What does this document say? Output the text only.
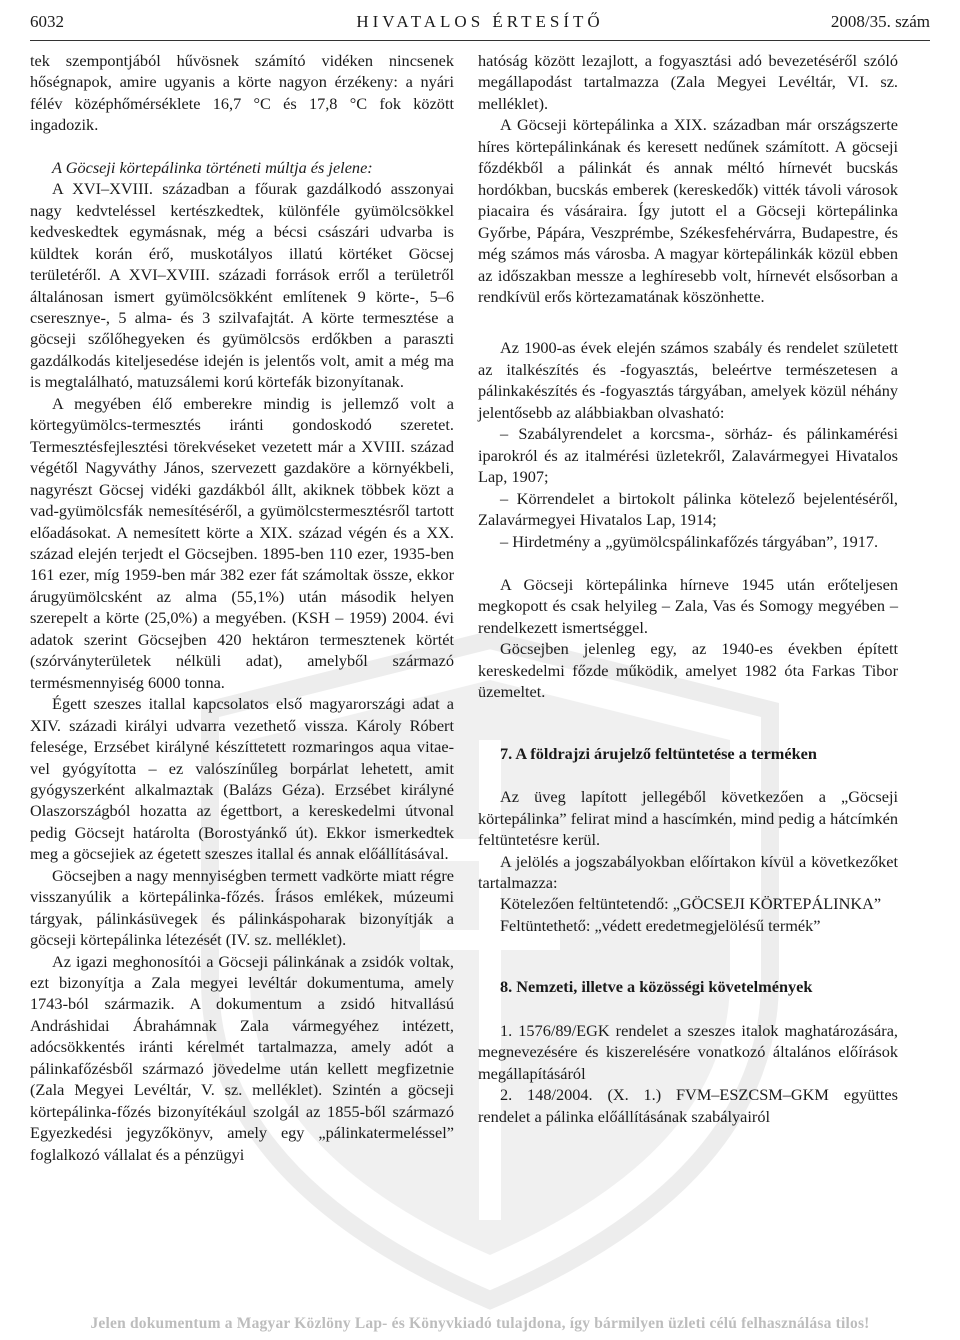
6032	HIVATALOS ÉRTESÍTŐ	2008/35. szám

tek szempontjából hűvösnek számító vidéken nincsenek hőségnapok, amire ugyanis a körte nagyon érzékeny: a nyári félév középhőmérséklete 16,7 °C és 17,8 °C fok között ingadozik.

A Göcseji körtepálinka történeti múltja és jelene:

A XVI–XVIII. században a főurak gazdálkodó asszonyai nagy kedvteléssel kertészkedtek, különféle gyümölcsökkel kedveskedtek egymásnak, még a bécsi császári udvarba is küldtek korán érő, muskotályos illatú körtéket Göcsej területéről. A XVI–XVIII. századi források erről a területről általánosan ismert gyümölcsökként említenek 9 körte-, 5–6 cseresznye-, 5 alma- és 3 szilvafajtát. A körte termesztése a göcseji szőlőhegyeken és gyümölcsös erdőkben a paraszti gazdálkodás kiteljesedése idején is jelentős volt, amit a még ma is megtalálható, matuzsálemi korú körtefák bizonyítanak.

A megyében élő emberekre mindig is jellemző volt a körtegyümölcs-termesztés iránti gondoskodó szeretet. Termesztésfejlesztési törekvéseket vezetett már a XVIII. század végétől Nagyváthy János, szervezett gazdaköre a környékbeli, nagyrészt Göcsej vidéki gazdákból állt, akiknek többek közt a vad-gyümölcsfák nemesítéséről, a gyümölcstermesztésről tartott előadásokat. A nemesített körte a XIX. század végén és a XX. század elején terjedt el Göcsejben. 1895-ben 110 ezer, 1935-ben 161 ezer, míg 1959-ben már 382 ezer fát számoltak össze, ekkor árugyümölcsként az alma (55,1%) után második helyen szerepelt a körte (25,0%) a megyében. (KSH – 1959) 2004. évi adatok szerint Göcsejben 420 hektáron termesztenek körtét (szórványterületek nélküli adat), amelyből származó termésmennyiség 6000 tonna.

Égett szeszes itallal kapcsolatos első magyarországi adat a XIV. századi királyi udvarra vezethető vissza. Károly Róbert felesége, Erzsébet királyné készíttetett rozmaringos aqua vitae-vel gyógyította – ez valószínűleg borpárlat lehetett, amit gyógyszerként alkalmaztak (Balázs Géza). Erzsébet királyné Olaszországból hozatta az égettbort, a kereskedelmi útvonal pedig Göcsejt határolta (Borostyánkő út). Ekkor ismerkedtek meg a göcsejiek az égetett szeszes itallal és annak előállításával.

Göcsejben a nagy mennyiségben termett vadkörte miatt régre visszanyúlik a körtepálinka-főzés. Írásos emlékek, múzeumi tárgyak, pálinkásüvegek és pálinkáspoharak bizonyítják a göcseji körtepálinka létezését (IV. sz. melléklet).

Az igazi meghonosítói a Göcseji pálinkának a zsidók voltak, ezt bizonyítja a Zala megyei levéltár dokumentuma, amely 1743-ból származik. A dokumentum a zsidó hitvallású Andráshidai Ábrahámnak Zala vármegyéhez intézett, adócsökkentés iránti kérelmét tartalmazza, amely adót a pálinkafőzésből származó jövedelme után kellett megfizetnie (Zala Megyei Levéltár, V. sz. melléklet). Szintén a göcseji körtepálinka-főzés bizonyítékául szolgál az 1855-ből származó Egyezkedési jegyzőkönyv, amely egy „pálinkatermeléssel” foglalkozó vállalat és a pénzügyi

hatóság között lezajlott, a fogyasztási adó bevezetéséről szóló megállapodást tartalmazza (Zala Megyei Levéltár, VI. sz. melléklet).

A Göcseji körtepálinka a XIX. században már országszerte híres körtepálinkának és keresett nedűnek számított. A göcseji főzdékből a pálinkát és annak méltó hírnevét bucskás hordókban, bucskás emberek (kereskedők) vitték távoli városok piacaira és vásáraira. Így jutott el a Göcseji körtepálinka Győrbe, Pápára, Veszprémbe, Székesfehérvárra, Budapestre, és még számos más városba. A magyar körtepálinkák közül ebben az időszakban messze a leghíresebb volt, hírnevét elsősorban a rendkívül erős körtezamatának köszönhette.

Az 1900-as évek elején számos szabály és rendelet született az italkészítés és -fogyasztás, beleértve természetesen a pálinkakészítés és -fogyasztás tárgyában, amelyek közül néhány jelentősebb az alábbiakban olvasható:

– Szabályrendelet a korcsma-, sörház- és pálinkamérési iparokról és az italmérési üzletekről, Zalavármegyei Hivatalos Lap, 1907;

– Körrendelet a birtokolt pálinka kötelező bejelentéséről, Zalavármegyei Hivatalos Lap, 1914;

– Hirdetmény a „gyümölcspálinkafőzés tárgyában”, 1917.

A Göcseji körtepálinka hírneve 1945 után erőteljesen megkopott és csak helyileg – Zala, Vas és Somogy megyében – rendelkezett ismertséggel.

Göcsejben jelenleg egy, az 1940-es években épített kereskedelmi főzde működik, amelyet 1982 óta Farkas Tibor üzemeltet.

7. A földrajzi árujelző feltüntetése a terméken

Az üveg lapított jellegéből következően a „Göcseji körtepálinka” felirat mind a hascímkén, mind pedig a hátcímkén feltüntetésre kerül.

A jelölés a jogszabályokban előírtakon kívül a következőket tartalmazza:

Kötelezően feltüntetendő: „GÖCSEJI KÖRTEPÁLINKA”

Feltüntethető: „védett eredetmegjelölésű termék”

8. Nemzeti, illetve a közösségi követelmények

1. 1576/89/EGK rendelet a szeszes italok maghatározására, megnevezésére és kiszerelésére vonatkozó általános előírások megállapításáról

2. 148/2004. (X. 1.) FVM–ESZCSM–GKM együttes rendelet a pálinka előállításának szabályairól

Jelen dokumentum a Magyar Közlöny Lap- és Könyvkiadó tulajdona, így bármilyen üzleti célú felhasználása tilos!
